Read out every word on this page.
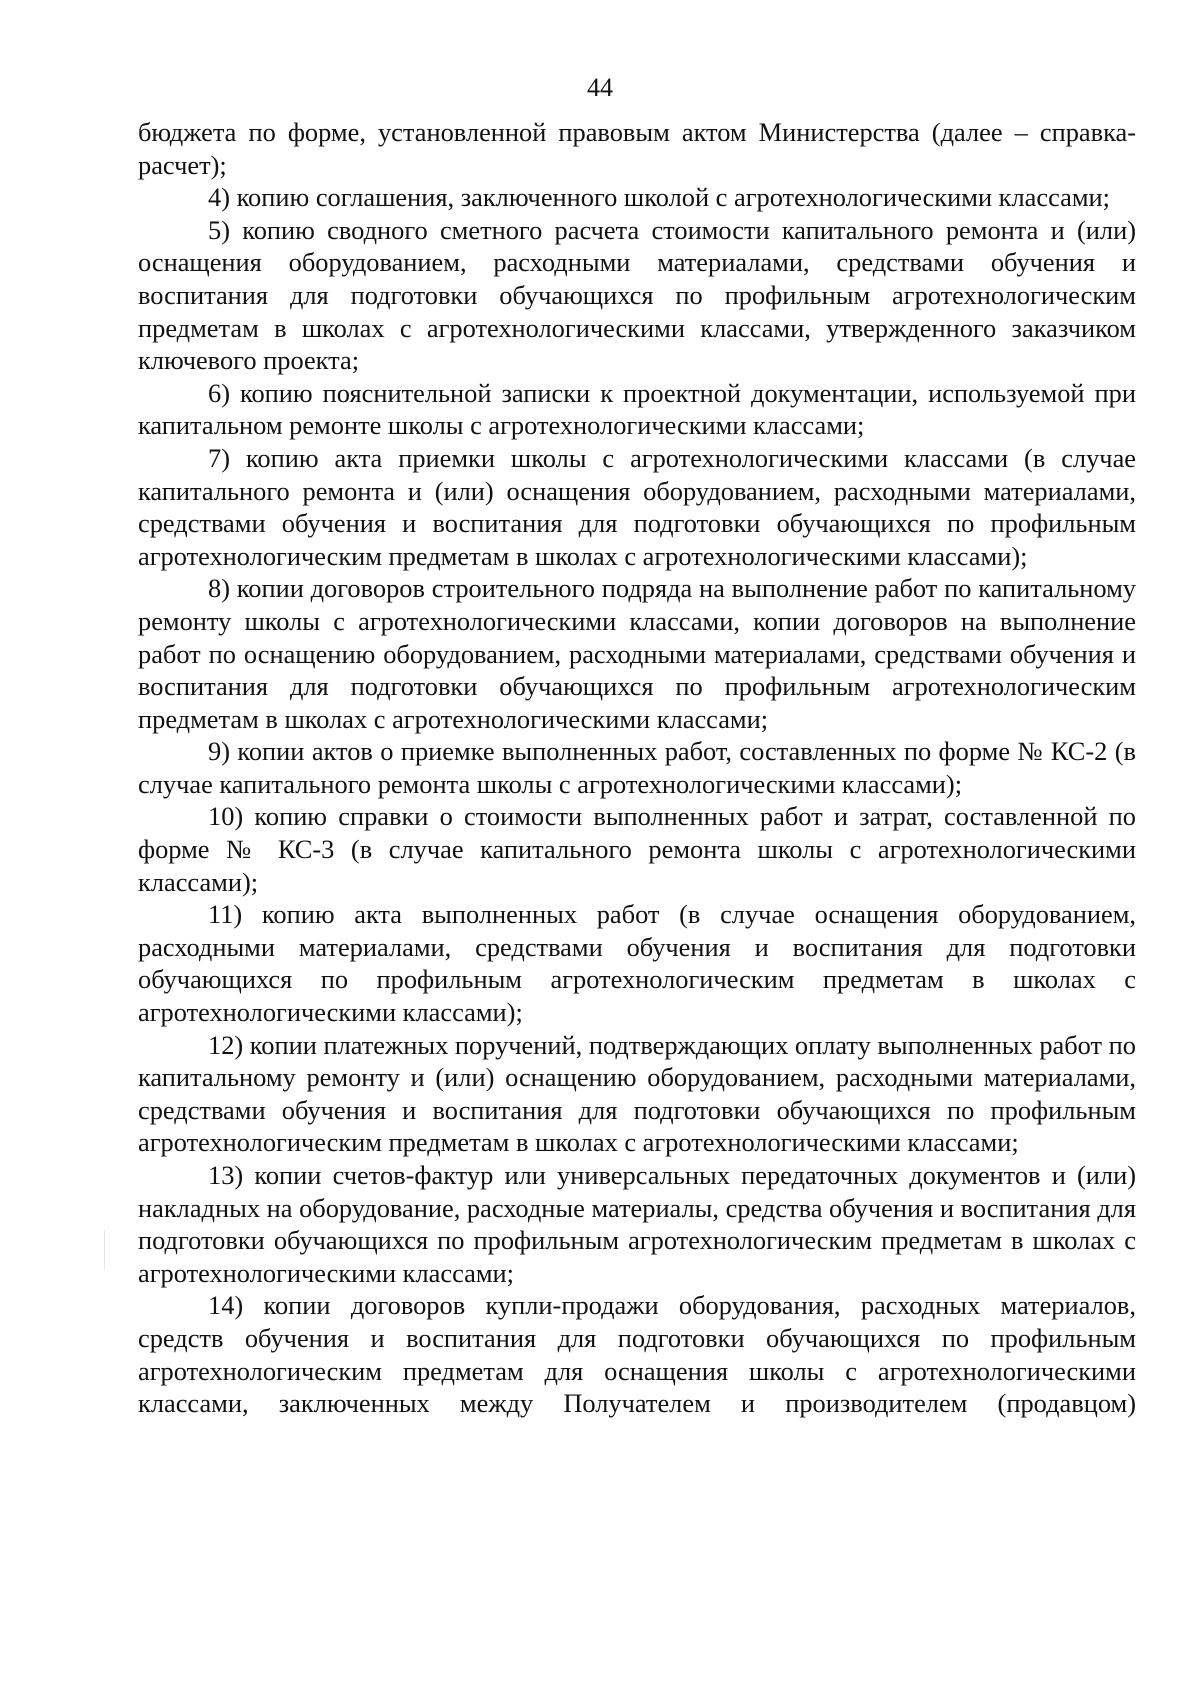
44

бюджета по форме, установленной правовым актом Министерства (далее – справка-расчет);

4) копию соглашения, заключенного школой с агротехнологическими классами;

5) копию сводного сметного расчета стоимости капитального ремонта и (или) оснащения оборудованием, расходными материалами, средствами обучения и воспитания для подготовки обучающихся по профильным агротехнологическим предметам в школах с агротехнологическими классами, утвержденного заказчиком ключевого проекта;

6) копию пояснительной записки к проектной документации, используемой при капитальном ремонте школы с агротехнологическими классами;

7) копию акта приемки школы с агротехнологическими классами (в случае капитального ремонта и (или) оснащения оборудованием, расходными материалами, средствами обучения и воспитания для подготовки обучающихся по профильным агротехнологическим предметам в школах с агротехнологическими классами);

8) копии договоров строительного подряда на выполнение работ по капитальному ремонту школы с агротехнологическими классами, копии договоров на выполнение работ по оснащению оборудованием, расходными материалами, средствами обучения и воспитания для подготовки обучающихся по профильным агротехнологическим предметам в школах с агротехнологическими классами;

9) копии актов о приемке выполненных работ, составленных по форме № КС-2 (в случае капитального ремонта школы с агротехнологическими классами);

10) копию справки о стоимости выполненных работ и затрат, составленной по форме № КС-3 (в случае капитального ремонта школы с агротехнологическими классами);

11) копию акта выполненных работ (в случае оснащения оборудованием, расходными материалами, средствами обучения и воспитания для подготовки обучающихся по профильным агротехнологическим предметам в школах с агротехнологическими классами);

12) копии платежных поручений, подтверждающих оплату выполненных работ по капитальному ремонту и (или) оснащению оборудованием, расходными материалами, средствами обучения и воспитания для подготовки обучающихся по профильным агротехнологическим предметам в школах с агротехнологическими классами;

13) копии счетов-фактур или универсальных передаточных документов и (или) накладных на оборудование, расходные материалы, средства обучения и воспитания для подготовки обучающихся по профильным агротехнологическим предметам в школах с агротехнологическими классами;

14) копии договоров купли-продажи оборудования, расходных материалов, средств обучения и воспитания для подготовки обучающихся по профильным агротехнологическим предметам для оснащения школы с агротехнологическими классами, заключенных между Получателем и производителем (продавцом)
